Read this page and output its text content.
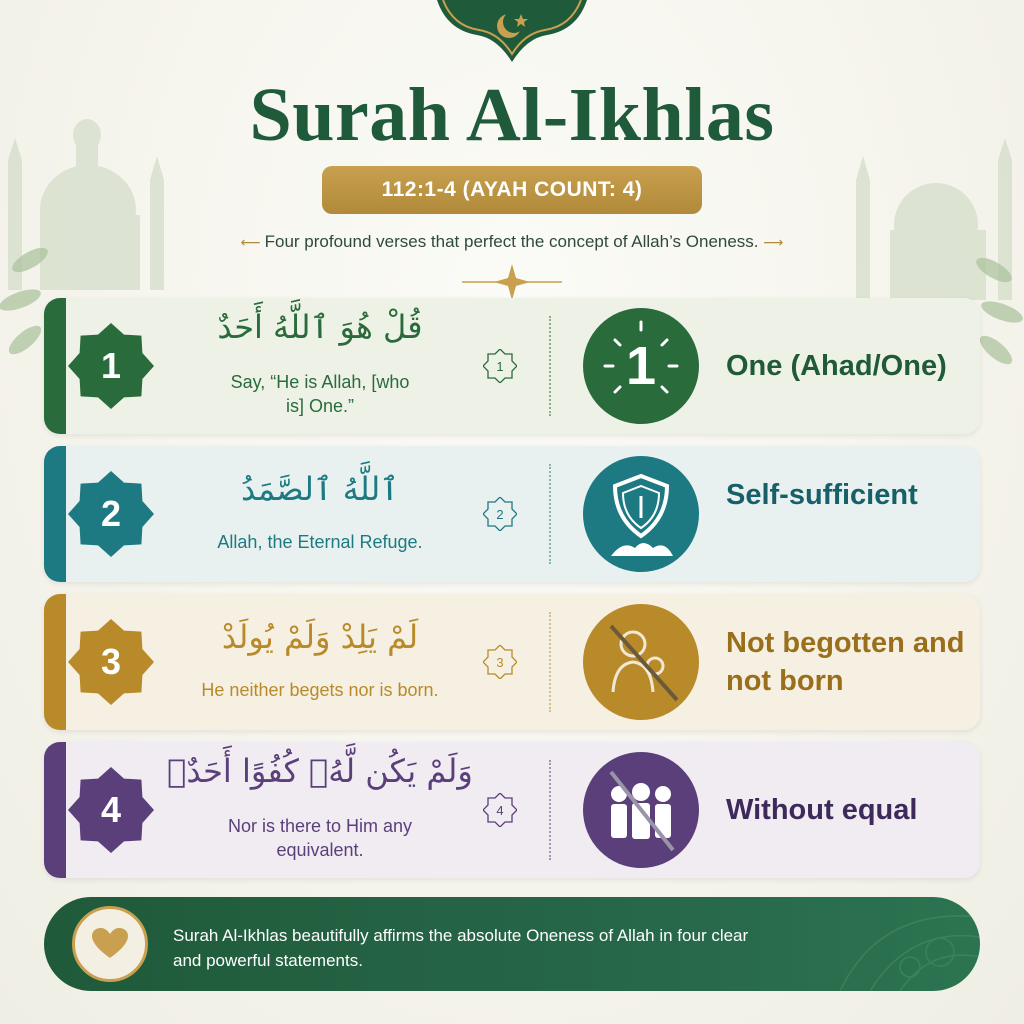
Surah Al-Ikhlas
112:1-4 (AYAH COUNT: 4)
⟵ Four profound verses that perfect the concept of Allah’s Oneness. ⟶
1
قُلْ هُوَ ٱللَّهُ أَحَدٌ
Say, “He is Allah, [who is] One.”
1 1 One (Ahad/One)
2
ٱللَّهُ ٱلصَّمَدُ
Allah, the Eternal Refuge.
2
Self-sufficient
3
لَمْ يَلِدْ وَلَمْ يُولَدْ
He neither begets nor is born.
3
Not begotten and not born
4
وَلَمْ يَكُن لَّهُۥ كُفُوًا أَحَدٌۢ
Nor is there to Him any equivalent.
4	Without equal
Surah Al-Ikhlas beautifully affirms the absolute Oneness of Allah in four clear and powerful statements.
